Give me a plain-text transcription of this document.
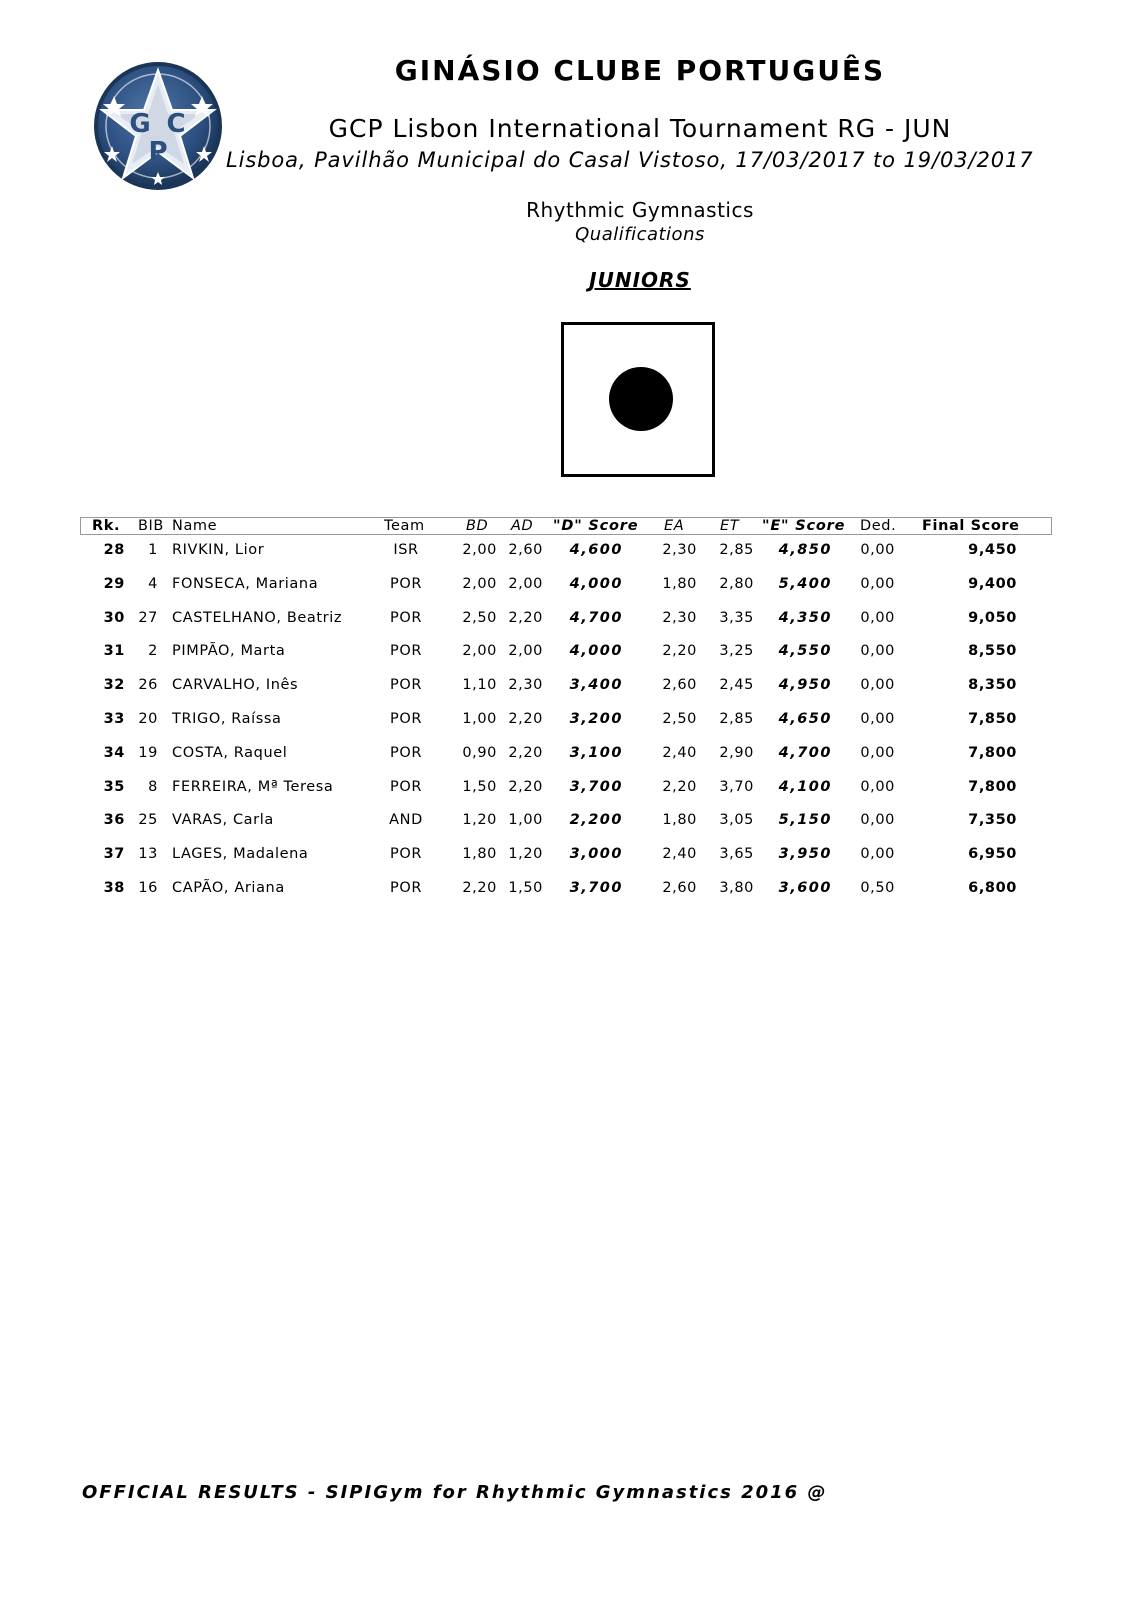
G C
P
GINÁSIO CLUBE PORTUGUÊS
GCP Lisbon International Tournament RG - JUN
Lisboa, Pavilhão Municipal do Casal Vistoso, 17/03/2017 to 19/03/2017
Rhythmic Gymnastics
Qualifications
JUNIORS
Rk. BIB Name	Team	BD AD "D" Score EA ET "E" Score Ded. Final Score
28 1 RIVKIN, Lior	ISR	2,00 2,60 4,600	2,30 2,85 4,850 0,00	9,450
29 4 FONSECA, Mariana	POR	2,00 2,00 4,000	1,80 2,80 5,400 0,00	9,400
30 27 CASTELHANO, Beatriz	POR	2,50 2,20 4,700	2,30 3,35 4,350 0,00	9,050
31 2 PIMPÃO, Marta	POR	2,00 2,00 4,000	2,20 3,25 4,550 0,00	8,550
32 26 CARVALHO, Inês	POR	1,10 2,30 3,400	2,60 2,45 4,950 0,00	8,350
33 20 TRIGO, Raíssa	POR	1,00 2,20 3,200	2,50 2,85 4,650 0,00	7,850
34 19 COSTA, Raquel	POR	0,90 2,20 3,100	2,40 2,90 4,700 0,00	7,800
35 8 FERREIRA, Mª Teresa	POR	1,50 2,20 3,700	2,20 3,70 4,100 0,00	7,800
36 25 VARAS, Carla	AND	1,20 1,00 2,200	1,80 3,05 5,150 0,00	7,350
37 13 LAGES, Madalena	POR	1,80 1,20 3,000	2,40 3,65 3,950 0,00	6,950
38 16 CAPÃO, Ariana	POR	2,20 1,50 3,700	2,60 3,80 3,600 0,50	6,800
OFFICIAL RESULTS - SIPIGym for Rhythmic Gymnastics 2016 @
